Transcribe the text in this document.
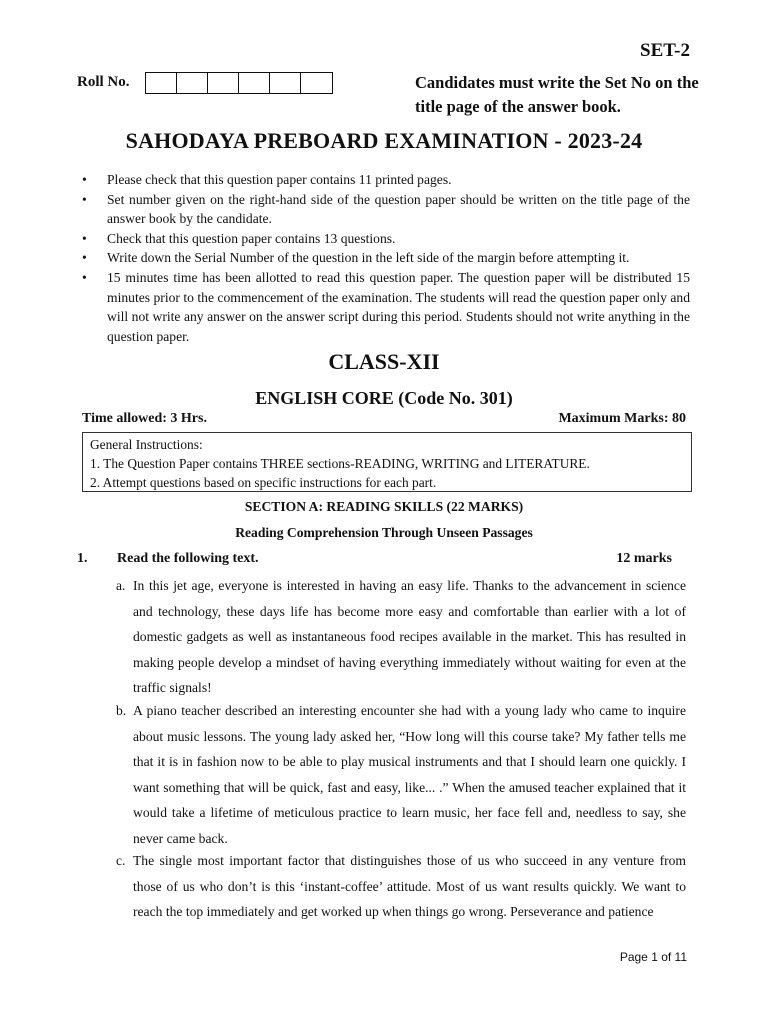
SET-2
Roll No.	Candidates must write the Set No on the title page of the answer book.
SAHODAYA PREBOARD EXAMINATION - 2023-24
• Please check that this question paper contains 11 printed pages.
• Set number given on the right-hand side of the question paper should be written on the title page of the answer book by the candidate.
• Check that this question paper contains 13 questions.
• Write down the Serial Number of the question in the left side of the margin before attempting it.
• 15 minutes time has been allotted to read this question paper. The question paper will be distributed 15 minutes prior to the commencement of the examination. The students will read the question paper only and will not write any answer on the answer script during this period. Students should not write anything in the question paper.
CLASS-XII
ENGLISH CORE (Code No. 301)
Time allowed: 3 Hrs.	Maximum Marks: 80
General Instructions:
1. The Question Paper contains THREE sections-READING, WRITING and LITERATURE.
2. Attempt questions based on specific instructions for each part.
SECTION A: READING SKILLS (22 MARKS)
Reading Comprehension Through Unseen Passages
1. Read the following text.	12 marks
a. In this jet age, everyone is interested in having an easy life. Thanks to the advancement in science and technology, these days life has become more easy and comfortable than earlier with a lot of domestic gadgets as well as instantaneous food recipes available in the market. This has resulted in making people develop a mindset of having everything immediately without waiting for even at the traffic signals!
b. A piano teacher described an interesting encounter she had with a young lady who came to inquire about music lessons. The young lady asked her, “How long will this course take? My father tells me that it is in fashion now to be able to play musical instruments and that I should learn one quickly. I want something that will be quick, fast and easy, like... .” When the amused teacher explained that it would take a lifetime of meticulous practice to learn music, her face fell and, needless to say, she never came back.
c. The single most important factor that distinguishes those of us who succeed in any venture from those of us who don’t is this ‘instant-coffee’ attitude. Most of us want results quickly. We want to reach the top immediately and get worked up when things go wrong. Perseverance and patience
Page 1 of 11
